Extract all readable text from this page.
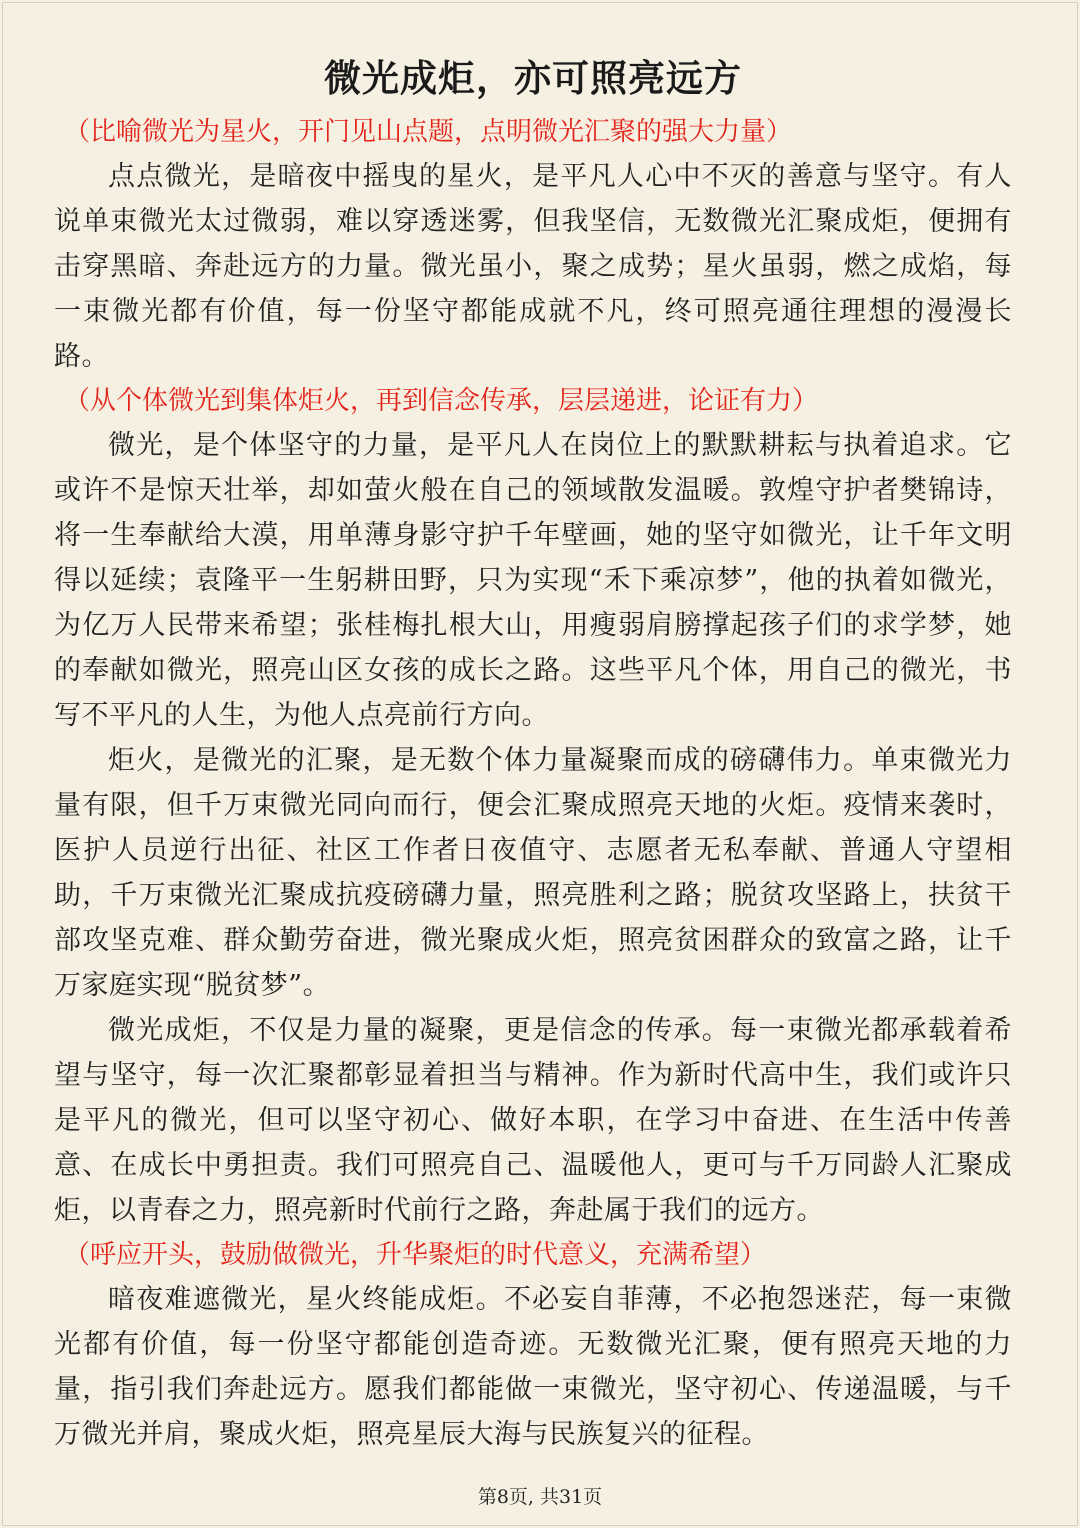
微光成炬，亦可照亮远方

（比喻微光为星火，开门见山点题，点明微光汇聚的强大力量）

点点微光，是暗夜中摇曳的星火，是平凡人心中不灭的善意与坚守。有人说单束微光太过微弱，难以穿透迷雾，但我坚信，无数微光汇聚成炬，便拥有击穿黑暗、奔赴远方的力量。微光虽小，聚之成势；星火虽弱，燃之成焰，每一束微光都有价值，每一份坚守都能成就不凡，终可照亮通往理想的漫漫长路。

（从个体微光到集体炬火，再到信念传承，层层递进，论证有力）

微光，是个体坚守的力量，是平凡人在岗位上的默默耕耘与执着追求。它或许不是惊天壮举，却如萤火般在自己的领域散发温暖。敦煌守护者樊锦诗，将一生奉献给大漠，用单薄身影守护千年壁画，她的坚守如微光，让千年文明得以延续；袁隆平一生躬耕田野，只为实现“禾下乘凉梦”，他的执着如微光，为亿万人民带来希望；张桂梅扎根大山，用瘦弱肩膀撑起孩子们的求学梦，她的奉献如微光，照亮山区女孩的成长之路。这些平凡个体，用自己的微光，书写不平凡的人生，为他人点亮前行方向。

炬火，是微光的汇聚，是无数个体力量凝聚而成的磅礴伟力。单束微光力量有限，但千万束微光同向而行，便会汇聚成照亮天地的火炬。疫情来袭时，医护人员逆行出征、社区工作者日夜值守、志愿者无私奉献、普通人守望相助，千万束微光汇聚成抗疫磅礴力量，照亮胜利之路；脱贫攻坚路上，扶贫干部攻坚克难、群众勤劳奋进，微光聚成火炬，照亮贫困群众的致富之路，让千万家庭实现“脱贫梦”。

微光成炬，不仅是力量的凝聚，更是信念的传承。每一束微光都承载着希望与坚守，每一次汇聚都彰显着担当与精神。作为新时代高中生，我们或许只是平凡的微光，但可以坚守初心、做好本职，在学习中奋进、在生活中传善意、在成长中勇担责。我们可照亮自己、温暖他人，更可与千万同龄人汇聚成炬，以青春之力，照亮新时代前行之路，奔赴属于我们的远方。

（呼应开头，鼓励做微光，升华聚炬的时代意义，充满希望）

暗夜难遮微光，星火终能成炬。不必妄自菲薄，不必抱怨迷茫，每一束微光都有价值，每一份坚守都能创造奇迹。无数微光汇聚，便有照亮天地的力量，指引我们奔赴远方。愿我们都能做一束微光，坚守初心、传递温暖，与千万微光并肩，聚成火炬，照亮星辰大海与民族复兴的征程。

第8页, 共31页
